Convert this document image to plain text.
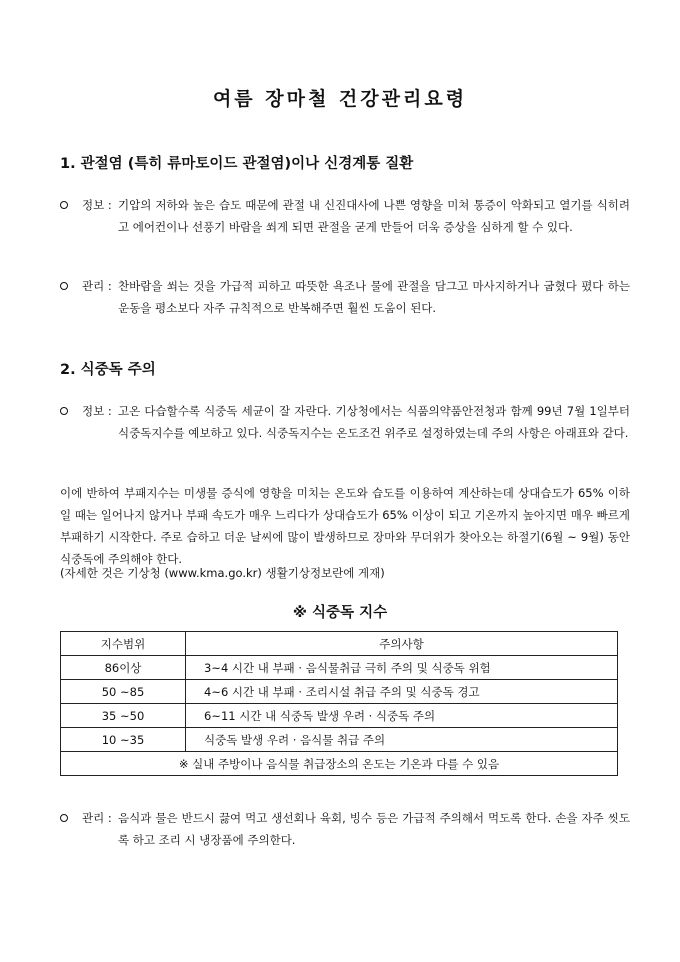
여름 장마철 건강관리요령
1. 관절염 (특히 류마토이드 관절염)이나 신경계통 질환
정보 : 기압의 저하와 높은 습도 때문에 관절 내 신진대사에 나쁜 영향을 미쳐 통증이 악화되고 열기를 식히려고 에어컨이나 선풍기 바람을 쐬게 되면 관절을 굳게 만들어 더욱 증상을 심하게 할 수 있다.
관리 : 찬바람을 쐬는 것을 가급적 피하고 따뜻한 욕조나 물에 관절을 담그고 마사지하거나 굽혔다 폈다 하는 운동을 평소보다 자주 규칙적으로 반복해주면 훨씬 도움이 된다.
2. 식중독 주의
정보 : 고온 다습할수록 식중독 세균이 잘 자란다. 기상청에서는 식품의약품안전청과 함께 99년 7월 1일부터 식중독지수를 예보하고 있다. 식중독지수는 온도조건 위주로 설정하였는데 주의 사항은 아래표와 같다.
이에 반하여 부패지수는 미생물 증식에 영향을 미치는 온도와 습도를 이용하여 계산하는데 상대습도가 65% 이하일 때는 일어나지 않거나 부패 속도가 매우 느리다가 상대습도가 65% 이상이 되고 기온까지 높아지면 매우 빠르게 부패하기 시작한다. 주로 습하고 더운 날씨에 많이 발생하므로 장마와 무더위가 찾아오는 하절기(6월 ~ 9월) 동안 식중독에 주의해야 한다.
(자세한 것은 기상청 (www.kma.go.kr) 생활기상정보란에 게재)
※ 식중독 지수
지수범위	주의사항
86이상	3~4 시간 내 부패 · 음식물취급 극히 주의 및 식중독 위험
50 ~85	4~6 시간 내 부패 · 조리시설 취급 주의 및 식중독 경고
35 ~50	6~11 시간 내 식중독 발생 우려 · 식중독 주의
10 ~35	식중독 발생 우려 · 음식물 취급 주의
※ 실내 주방이나 음식물 취급장소의 온도는 기온과 다를 수 있음	
관리 : 음식과 물은 반드시 끓여 먹고 생선회나 육회, 빙수 등은 가급적 주의해서 먹도록 한다. 손을 자주 씻도록 하고 조리 시 냉장품에 주의한다.
